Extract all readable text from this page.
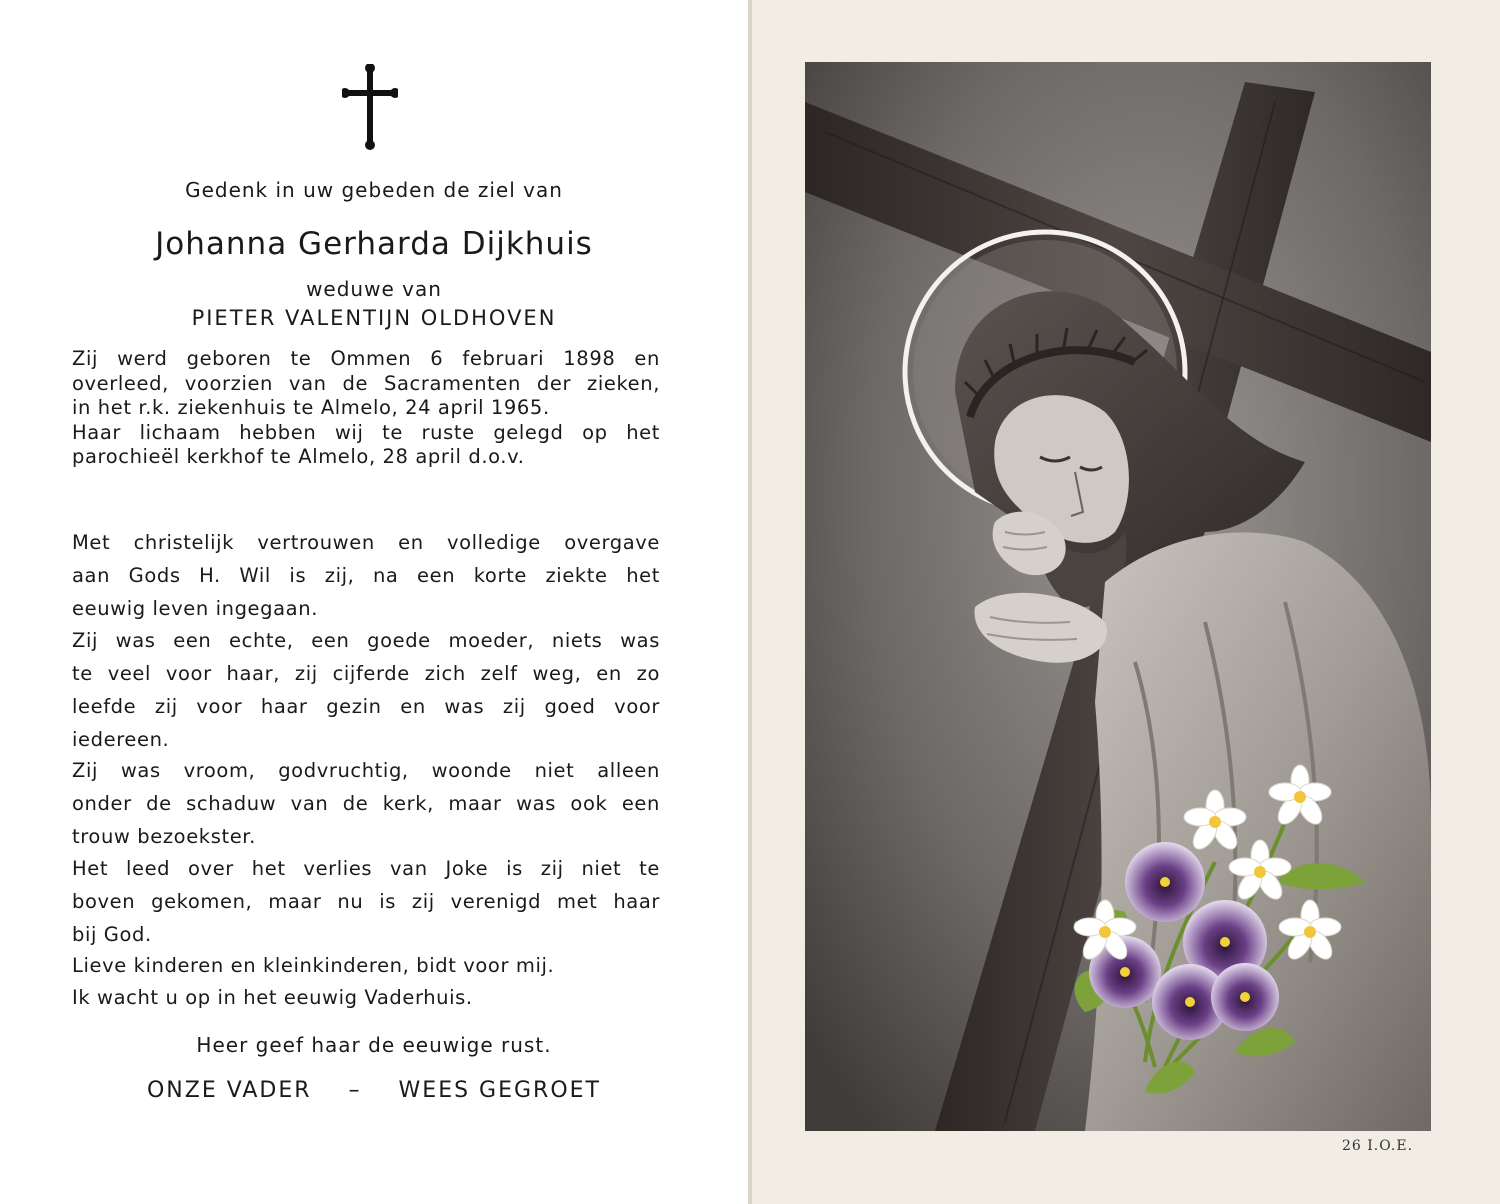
Gedenk in uw gebeden de ziel van
Johanna Gerharda Dijkhuis
weduwe van
PIETER VALENTIJN OLDHOVEN
Zij werd geboren te Ommen 6 februari 1898 en
overleed, voorzien van de Sacramenten der zieken,
in het r.k. ziekenhuis te Almelo, 24 april 1965.
Haar lichaam hebben wij te ruste gelegd op het
parochieël kerkhof te Almelo, 28 april d.o.v.
Met christelijk vertrouwen en volledige overgave
aan Gods H. Wil is zij, na een korte ziekte het
eeuwig leven ingegaan.
Zij was een echte, een goede moeder, niets was
te veel voor haar, zij cijferde zich zelf weg, en zo
leefde zij voor haar gezin en was zij goed voor
iedereen.
Zij was vroom, godvruchtig, woonde niet alleen
onder de schaduw van de kerk, maar was ook een
trouw bezoekster.
Het leed over het verlies van Joke is zij niet te
boven gekomen, maar nu is zij verenigd met haar
bij God.
Lieve kinderen en kleinkinderen, bidt voor mij.
Ik wacht u op in het eeuwig Vaderhuis.
Heer geef haar de eeuwige rust.
ONZE VADER – WEES GEGROET
26 I.O.E.
